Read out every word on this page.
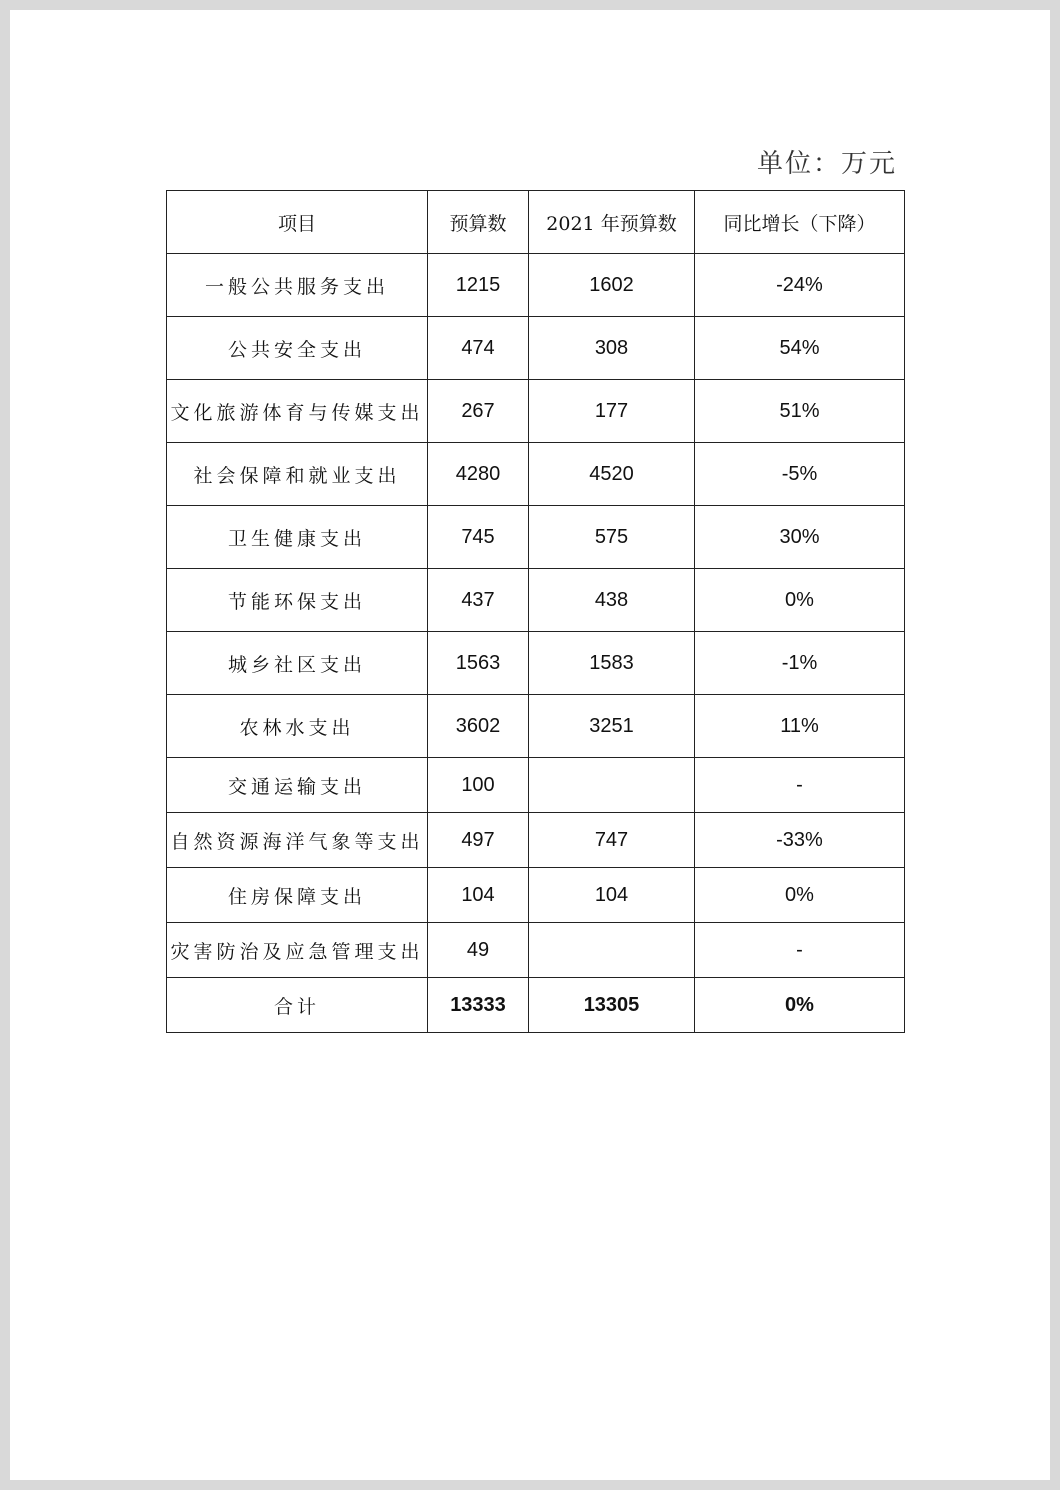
单位：万元
项目	预算数	2021 年预算数	同比增长（下降）
一般公共服务支出	1215	1602	-24%
公共安全支出	474	308	54%
文化旅游体育与传媒支出	267	177	51%
社会保障和就业支出	4280	4520	-5%
卫生健康支出	745	575	30%
节能环保支出	437	438	0%
城乡社区支出	1563	1583	-1%
农林水支出	3602	3251	11%
交通运输支出	100		-
自然资源海洋气象等支出	497	747	-33%
住房保障支出	104	104	0%
灾害防治及应急管理支出	49		-
合计	13333	13305	0%
